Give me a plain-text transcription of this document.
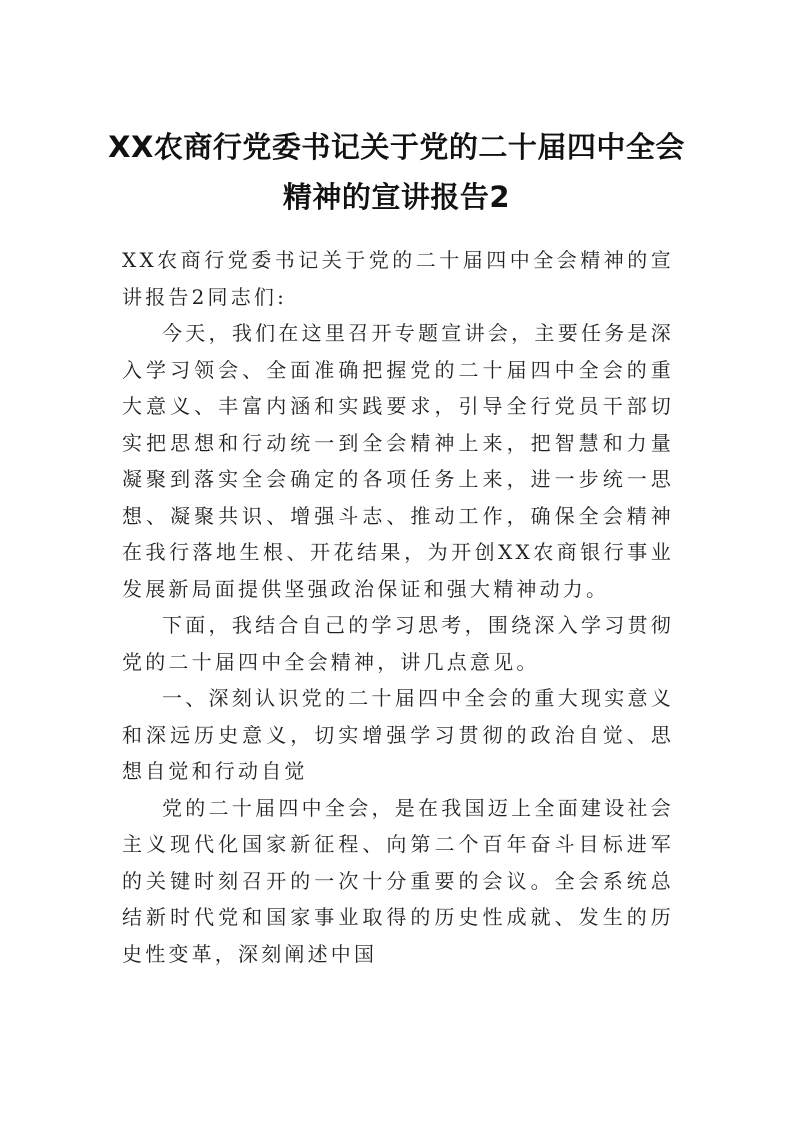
XX农商行党委书记关于党的二十届四中全会精神的宣讲报告2

XX农商行党委书记关于党的二十届四中全会精神的宣讲报告2同志们:

今天，我们在这里召开专题宣讲会，主要任务是深入学习领会、全面准确把握党的二十届四中全会的重大意义、丰富内涵和实践要求，引导全行党员干部切实把思想和行动统一到全会精神上来，把智慧和力量凝聚到落实全会确定的各项任务上来，进一步统一思想、凝聚共识、增强斗志、推动工作，确保全会精神在我行落地生根、开花结果，为开创XX农商银行事业发展新局面提供坚强政治保证和强大精神动力。

下面，我结合自己的学习思考，围绕深入学习贯彻党的二十届四中全会精神，讲几点意见。

一、深刻认识党的二十届四中全会的重大现实意义和深远历史意义，切实增强学习贯彻的政治自觉、思想自觉和行动自觉

党的二十届四中全会，是在我国迈上全面建设社会主义现代化国家新征程、向第二个百年奋斗目标进军的关键时刻召开的一次十分重要的会议。全会系统总结新时代党和国家事业取得的历史性成就、发生的历史性变革，深刻阐述中国
